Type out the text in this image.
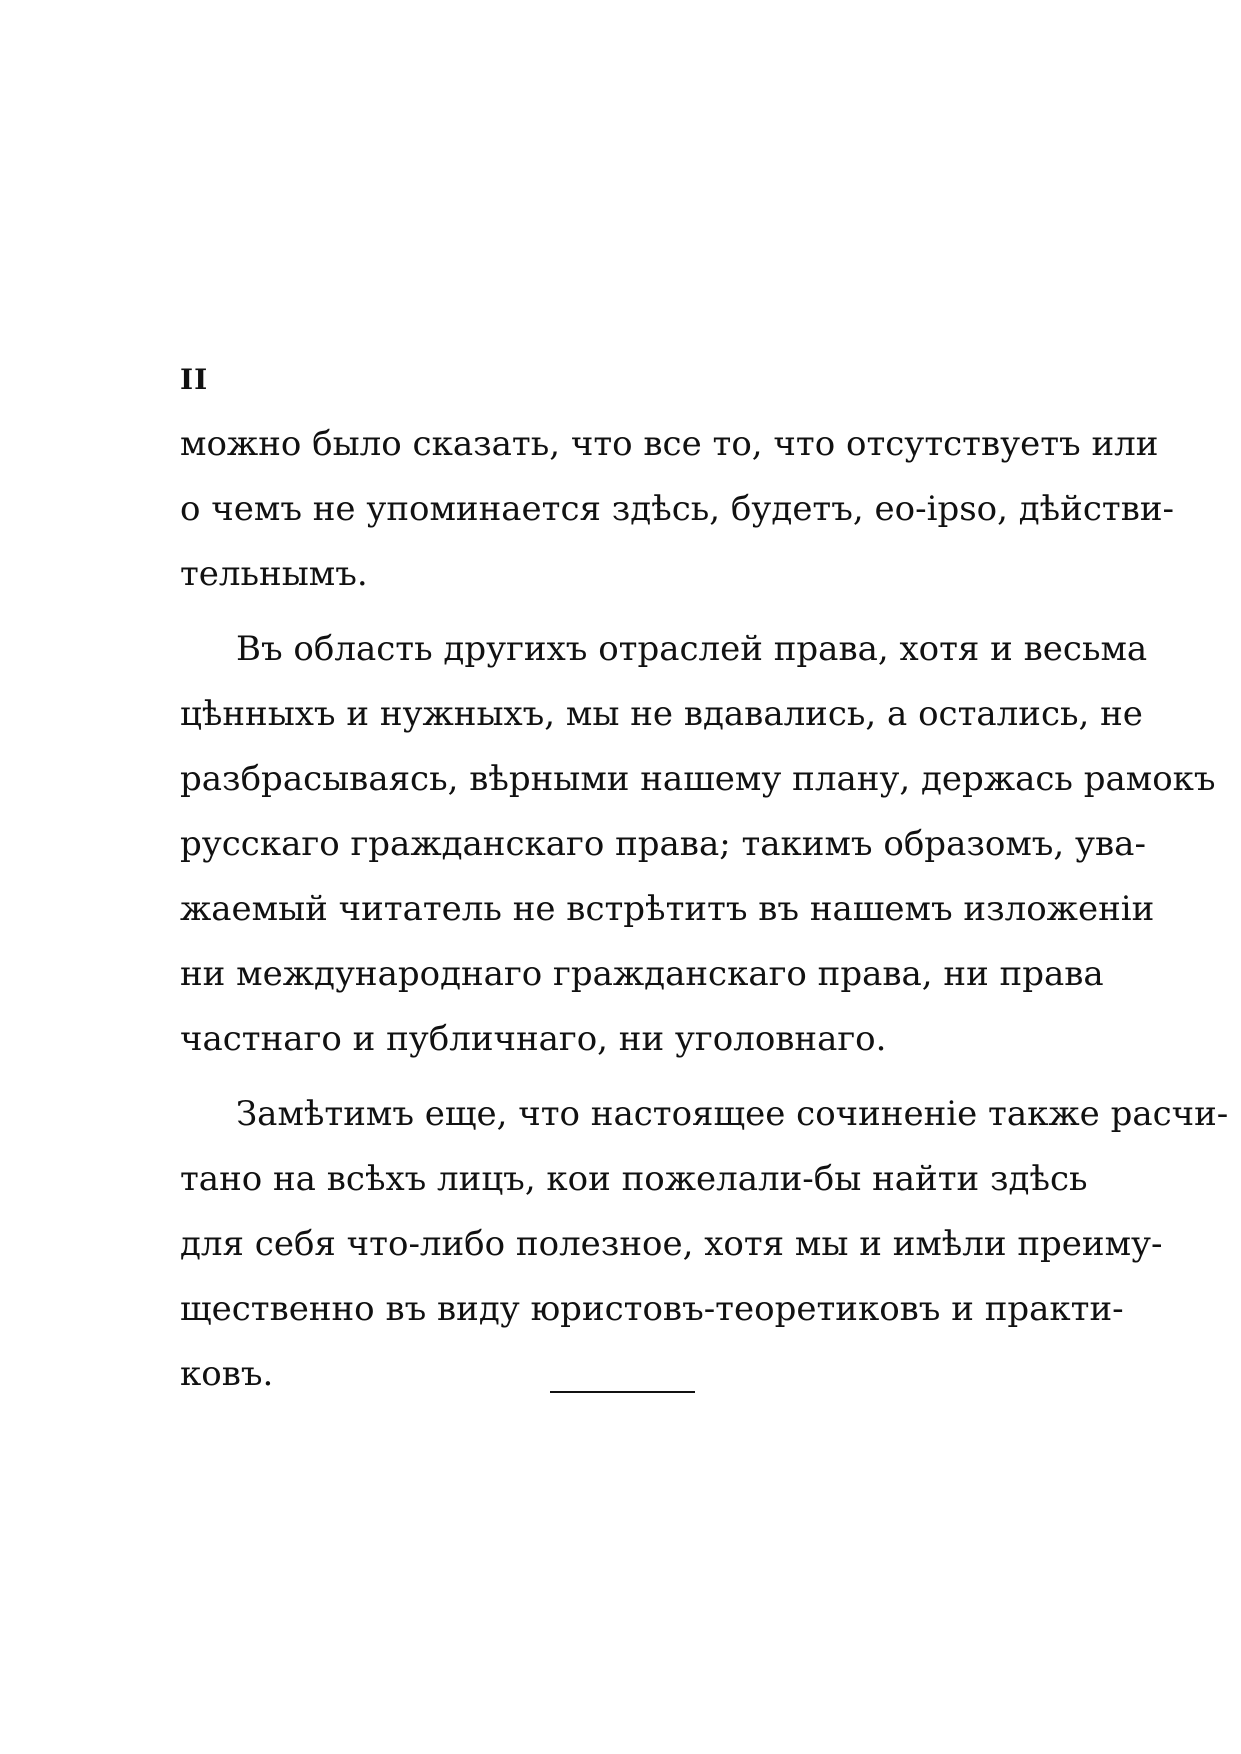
II
можно было сказать, что все то, что отсутствуетъ или
о чемъ не упоминается здѣсь, будетъ, eo-ipso, дѣйстви-
тельнымъ.
Въ область другихъ отраслей права, хотя и весьма
цѣнныхъ и нужныхъ, мы не вдавались, а остались, не
разбрасываясь, вѣрными нашему плану, держась рамокъ
русскаго гражданскаго права; такимъ образомъ, ува-
жаемый читатель не встрѣтитъ въ нашемъ изложеніи
ни международнаго гражданскаго права, ни права
частнаго и публичнаго, ни уголовнаго.
Замѣтимъ еще, что настоящее сочиненіе также расчи-
тано на всѣхъ лицъ, кои пожелали-бы найти здѣсь
для себя что-либо полезное, хотя мы и имѣли преиму-
щественно въ виду юристовъ-теоретиковъ и практи-
ковъ.
